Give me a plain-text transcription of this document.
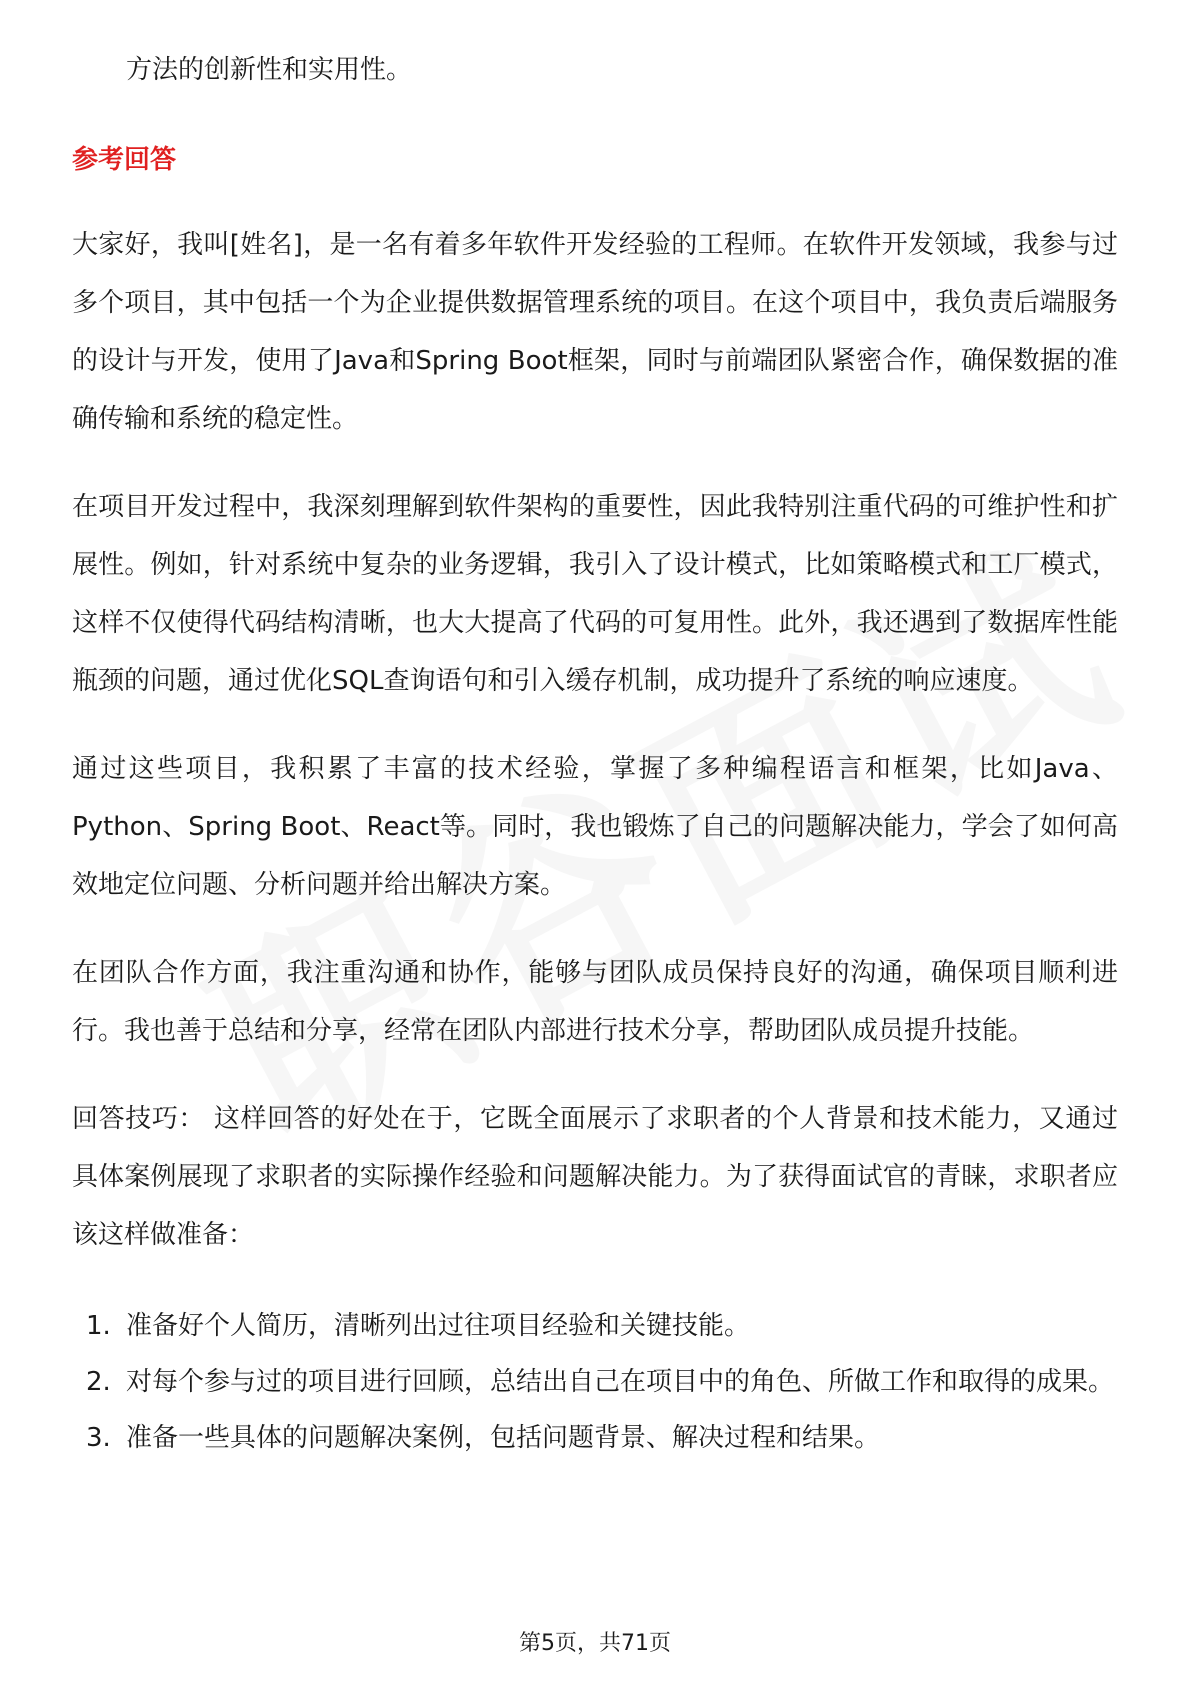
方法的创新性和实用性。

参考回答

大家好，我叫[姓名]，是一名有着多年软件开发经验的工程师。在软件开发领域，我参与过多个项目，其中包括一个为企业提供数据管理系统的项目。在这个项目中，我负责后端服务的设计与开发，使用了Java和Spring Boot框架，同时与前端团队紧密合作，确保数据的准确传输和系统的稳定性。

在项目开发过程中，我深刻理解到软件架构的重要性，因此我特别注重代码的可维护性和扩展性。例如，针对系统中复杂的业务逻辑，我引入了设计模式，比如策略模式和工厂模式，这样不仅使得代码结构清晰，也大大提高了代码的可复用性。此外，我还遇到了数据库性能瓶颈的问题，通过优化SQL查询语句和引入缓存机制，成功提升了系统的响应速度。

通过这些项目，我积累了丰富的技术经验，掌握了多种编程语言和框架，比如Java、Python、Spring Boot、React等。同时，我也锻炼了自己的问题解决能力，学会了如何高效地定位问题、分析问题并给出解决方案。

在团队合作方面，我注重沟通和协作，能够与团队成员保持良好的沟通，确保项目顺利进行。我也善于总结和分享，经常在团队内部进行技术分享，帮助团队成员提升技能。

回答技巧： 这样回答的好处在于，它既全面展示了求职者的个人背景和技术能力，又通过具体案例展现了求职者的实际操作经验和问题解决能力。为了获得面试官的青睐，求职者应该这样做准备：

1. 准备好个人简历，清晰列出过往项目经验和关键技能。
2. 对每个参与过的项目进行回顾，总结出自己在项目中的角色、所做工作和取得的成果。
3. 准备一些具体的问题解决案例，包括问题背景、解决过程和结果。
第5页，共71页
